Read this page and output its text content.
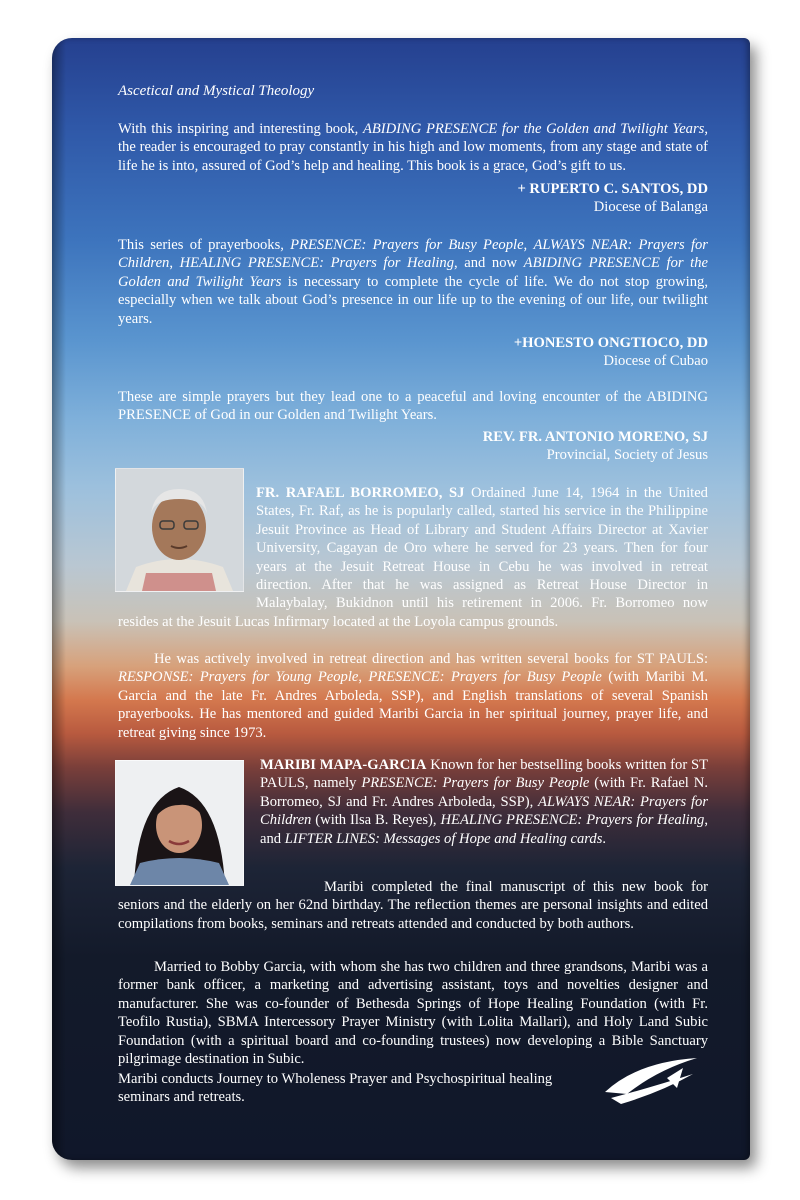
Ascetical and Mystical Theology
With this inspiring and interesting book, ABIDING PRESENCE for the Golden and Twilight Years, the reader is encouraged to pray constantly in his high and low moments, from any stage and state of life he is into, assured of God’s help and healing. This book is a grace, God’s gift to us.
+ RUPERTO C. SANTOS, DD
Diocese of Balanga
This series of prayerbooks, PRESENCE: Prayers for Busy People, ALWAYS NEAR: Prayers for Children, HEALING PRESENCE: Prayers for Healing, and now ABIDING PRESENCE for the Golden and Twilight Years is necessary to complete the cycle of life. We do not stop growing, especially when we talk about God’s presence in our life up to the evening of our life, our twilight years.
+HONESTO ONGTIOCO, DD
Diocese of Cubao
These are simple prayers but they lead one to a peaceful and loving encounter of the ABIDING PRESENCE of God in our Golden and Twilight Years.
REV. FR. ANTONIO MORENO, SJ
Provincial, Society of Jesus
FR. RAFAEL BORROMEO, SJ Ordained June 14, 1964 in the United States, Fr. Raf, as he is popularly called, started his service in the Philippine Jesuit Province as Head of Library and Student Affairs Director at Xavier University, Cagayan de Oro where he served for 23 years. Then for four years at the Jesuit Retreat House in Cebu he was involved in retreat direction. After that he was assigned as Retreat House Director in Malaybalay, Bukidnon until his retirement in 2006. Fr. Borromeo now resides at the Jesuit Lucas Infirmary located at the Loyola campus grounds.
He was actively involved in retreat direction and has written several books for ST PAULS: RESPONSE: Prayers for Young People, PRESENCE: Prayers for Busy People (with Maribi M. Garcia and the late Fr. Andres Arboleda, SSP), and English translations of several Spanish prayerbooks. He has mentored and guided Maribi Garcia in her spiritual journey, prayer life, and retreat giving since 1973.
MARIBI MAPA-GARCIA Known for her bestselling books written for ST PAULS, namely PRESENCE: Prayers for Busy People (with Fr. Rafael N. Borromeo, SJ and Fr. Andres Arboleda, SSP), ALWAYS NEAR: Prayers for Children (with Ilsa B. Reyes), HEALING PRESENCE: Prayers for Healing, and LIFTER LINES: Messages of Hope and Healing cards.
Maribi completed the final manuscript of this new book for seniors and the elderly on her 62nd birthday. The reflection themes are personal insights and edited compilations from books, seminars and retreats attended and conducted by both authors.
Married to Bobby Garcia, with whom she has two children and three grandsons, Maribi was a former bank officer, a marketing and advertising assistant, toys and novelties designer and manufacturer. She was co-founder of Bethesda Springs of Hope Healing Foundation (with Fr. Teofilo Rustia), SBMA Intercessory Prayer Ministry (with Lolita Mallari), and Holy Land Subic Foundation (with a spiritual board and co-founding trustees) now developing a Bible Sanctuary pilgrimage destination in Subic.
Maribi conducts Journey to Wholeness Prayer and Psychospiritual healing seminars and retreats.
